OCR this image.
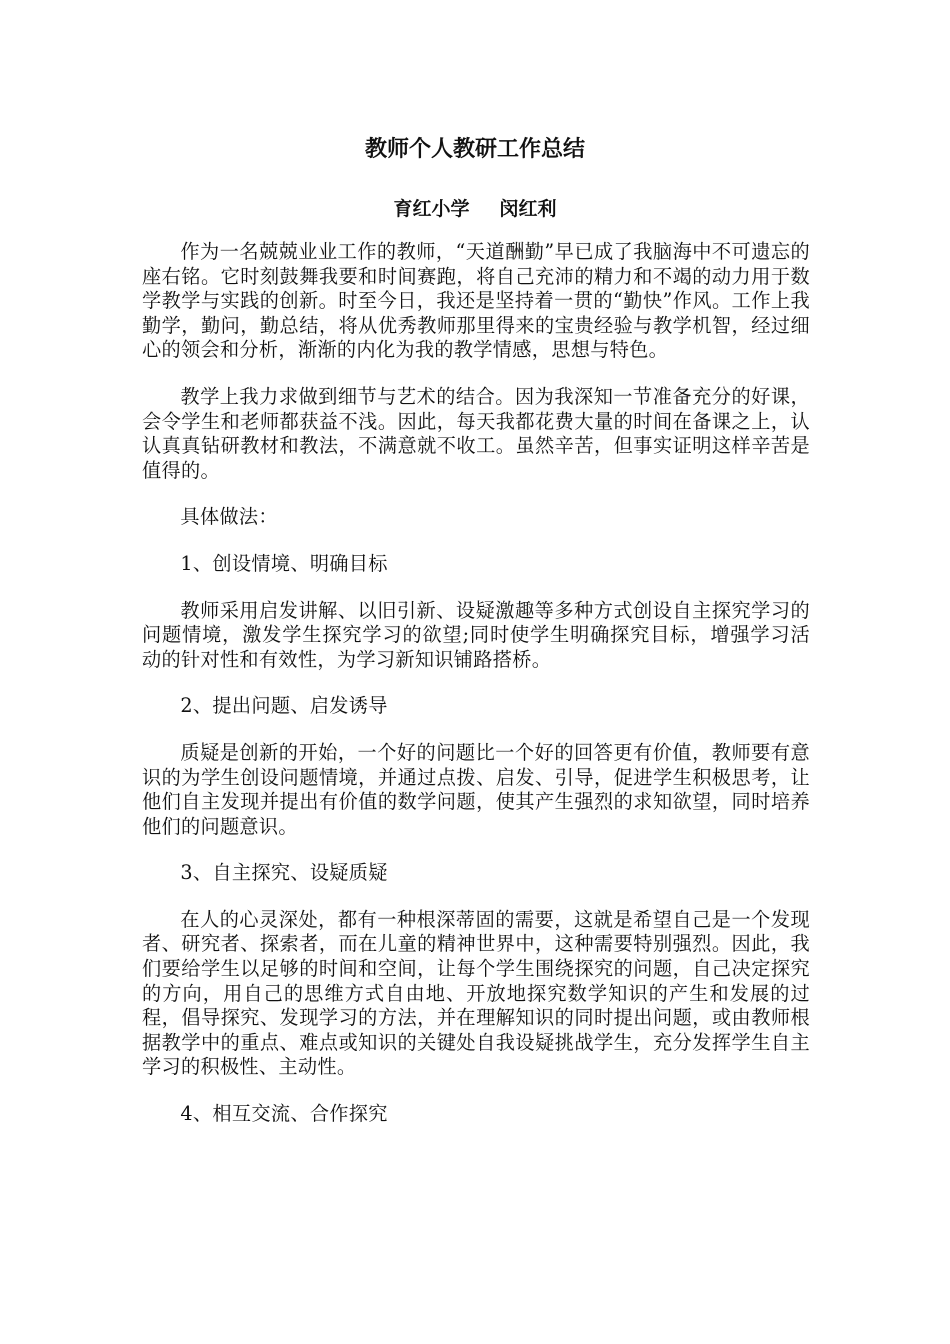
教师个人教研工作总结
育红小学 闵红利

作为一名兢兢业业工作的教师，“天道酬勤”早已成了我脑海中不可遗忘的座右铭。它时刻鼓舞我要和时间赛跑，将自己充沛的精力和不竭的动力用于数学教学与实践的创新。时至今日，我还是坚持着一贯的“勤快”作风。工作上我勤学，勤问，勤总结，将从优秀教师那里得来的宝贵经验与教学机智，经过细心的领会和分析，渐渐的内化为我的教学情感，思想与特色。

教学上我力求做到细节与艺术的结合。因为我深知一节准备充分的好课，会令学生和老师都获益不浅。因此，每天我都花费大量的时间在备课之上，认认真真钻研教材和教法，不满意就不收工。虽然辛苦，但事实证明这样辛苦是值得的。

具体做法：

1、创设情境、明确目标

教师采用启发讲解、以旧引新、设疑激趣等多种方式创设自主探究学习的问题情境，激发学生探究学习的欲望;同时使学生明确探究目标，增强学习活动的针对性和有效性，为学习新知识铺路搭桥。

2、提出问题、启发诱导

质疑是创新的开始，一个好的问题比一个好的回答更有价值，教师要有意识的为学生创设问题情境，并通过点拨、启发、引导，促进学生积极思考，让他们自主发现并提出有价值的数学问题，使其产生强烈的求知欲望，同时培养他们的问题意识。

3、自主探究、设疑质疑

在人的心灵深处，都有一种根深蒂固的需要，这就是希望自己是一个发现者、研究者、探索者，而在儿童的精神世界中，这种需要特别强烈。因此，我们要给学生以足够的时间和空间，让每个学生围绕探究的问题，自己决定探究的方向，用自己的思维方式自由地、开放地探究数学知识的产生和发展的过程，倡导探究、发现学习的方法，并在理解知识的同时提出问题，或由教师根据教学中的重点、难点或知识的关键处自我设疑挑战学生，充分发挥学生自主学习的积极性、主动性。

4、相互交流、合作探究
